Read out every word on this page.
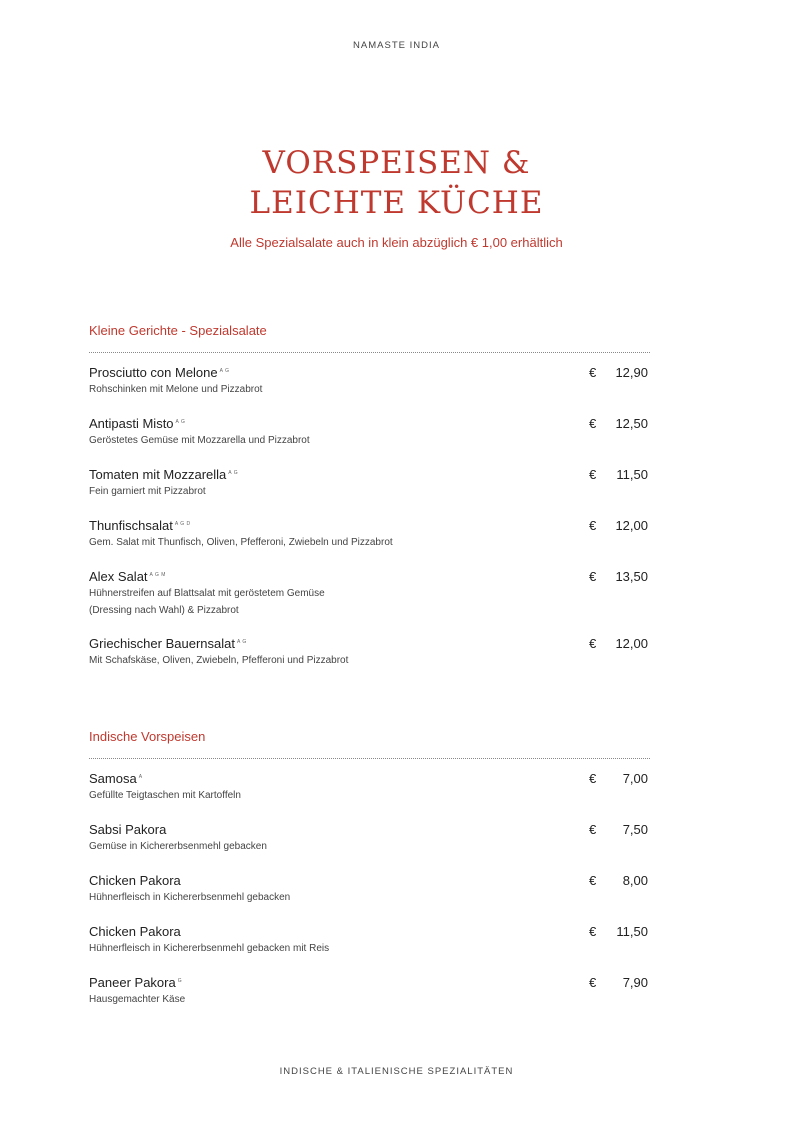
NAMASTE INDIA
VORSPEISEN &
LEICHTE KÜCHE
Alle Spezialsalate auch in klein abzüglich € 1,00 erhältlich
Kleine Gerichte - Spezialsalate
Prosciutto con Melone $^{A G}$
Rohschinken mit Melone und Pizzabrot
€ 12,90
Antipasti Misto $^{A G}$
Geröstetes Gemüse mit Mozzarella und Pizzabrot
€ 12,50
Tomaten mit Mozzarella $^{A G}$
Fein garniert mit Pizzabrot
€ 11,50
Thunfischsalat $^{A G D}$
Gem. Salat mit Thunfisch, Oliven, Pfefferoni, Zwiebeln und Pizzabrot
€ 12,00
Alex Salat $^{A G M}$
Hühnerstreifen auf Blattsalat mit geröstetem Gemüse
(Dressing nach Wahl) & Pizzabrot
€ 13,50
Griechischer Bauernsalat $^{A G}$
Mit Schafskäse, Oliven, Zwiebeln, Pfefferoni und Pizzabrot
€ 12,00
Indische Vorspeisen
Samosa $^A$
Gefüllte Teigtaschen mit Kartoffeln
€ 7,00
Sabsi Pakora
Gemüse in Kichererbsenmehl gebacken
€ 7,50
Chicken Pakora
Hühnerfleisch in Kichererbsenmehl gebacken
€ 8,00
Chicken Pakora
Hühnerfleisch in Kichererbsenmehl gebacken mit Reis
€ 11,50
Paneer Pakora $^G$
Hausgemachter Käse
€ 7,90
INDISCHE & ITALIENISCHE SPEZIALITÄTEN
